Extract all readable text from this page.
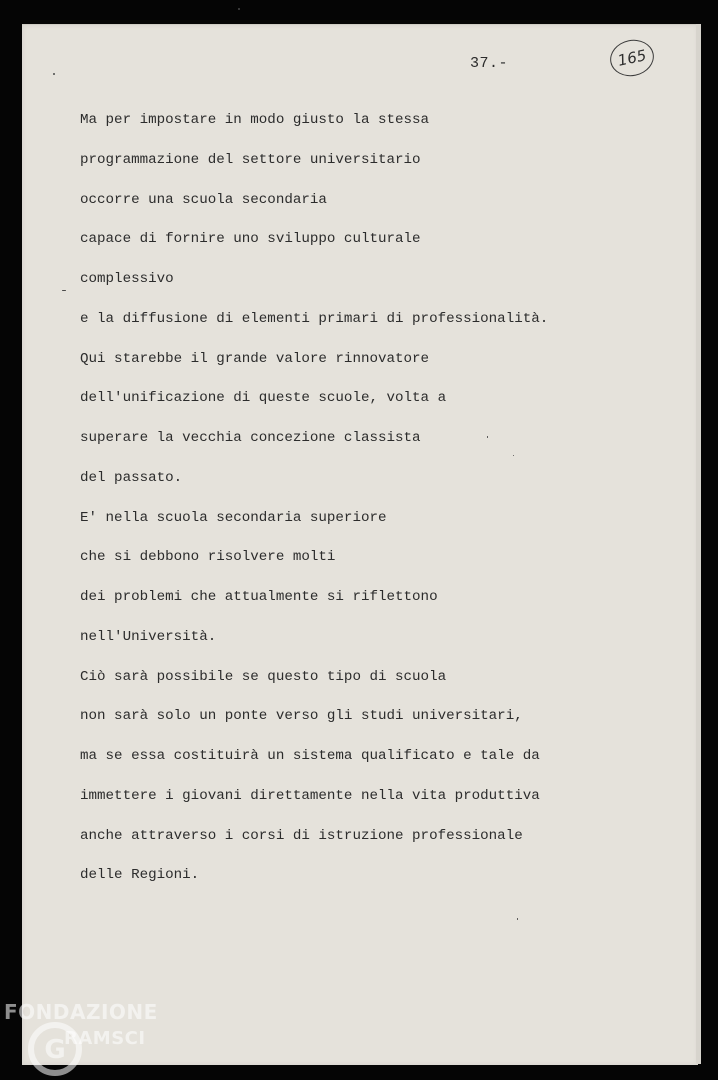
37.-	165
Ma per impostare in modo giusto la stessa
programmazione del settore universitario
occorre una scuola secondaria
capace di fornire uno sviluppo culturale
complessivo
e la diffusione di elementi primari di professionalità.
Qui starebbe il grande valore rinnovatore
dell'unificazione di queste scuole, volta a
superare la vecchia concezione classista
del passato.
E' nella scuola secondaria superiore
che si debbono risolvere molti
dei problemi che attualmente si riflettono
nell'Università.
Ciò sarà possibile se questo tipo di scuola
non sarà solo un ponte verso gli studi universitari,
ma se essa costituirà un sistema qualificato e tale da
immettere i giovani direttamente nella vita produttiva
anche attraverso i corsi di istruzione professionale
delle Regioni.
FONDAZIONE
G
RAMSCI
